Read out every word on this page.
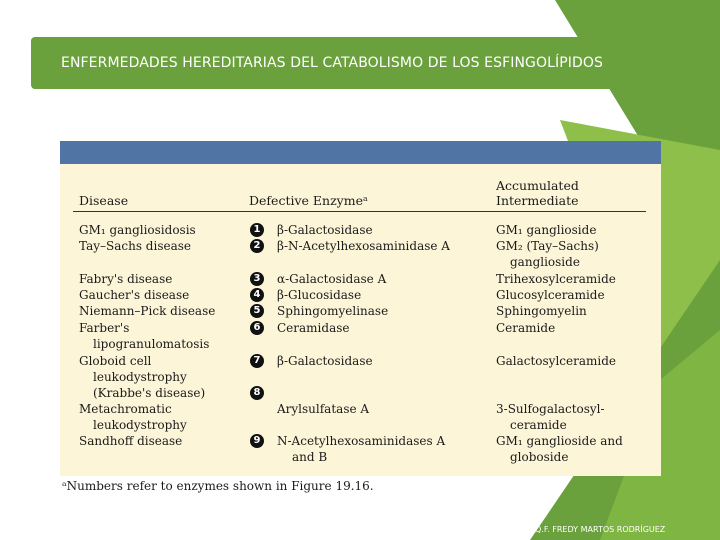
ENFERMEDADES HEREDITARIAS DEL CATABOLISMO DE LOS ESFINGOLÍPIDOS
Disease	Defective Enzymeᵃ
Accumulated
Intermediate
GM₁ gangliosidosis
Tay–Sachs disease
Fabry's disease
Gaucher's disease
Niemann–Pick disease
Farber's
lipogranulomatosis
Globoid cell
leukodystrophy
(Krabbe's disease)
Metachromatic
leukodystrophy
Sandhoff disease
1 β-Galactosidase
2 β-N-Acetylhexosaminidase A
3 α-Galactosidase A
4 β-Glucosidase
5 Sphingomyelinase
6 Ceramidase
7 β-Galactosidase
8
Arylsulfatase A
9 N-Acetylhexosaminidases A
and B
GM₁ ganglioside
GM₂ (Tay–Sachs)
ganglioside
Trihexosylceramide
Glucosylceramide
Sphingomyelin
Ceramide
Galactosylceramide
3-Sulfogalactosyl-
ceramide
GM₁ ganglioside and
globoside
ᵃNumbers refer to enzymes shown in Figure 19.16.
Q.F. FREDY MARTOS RODRÍGUEZ
